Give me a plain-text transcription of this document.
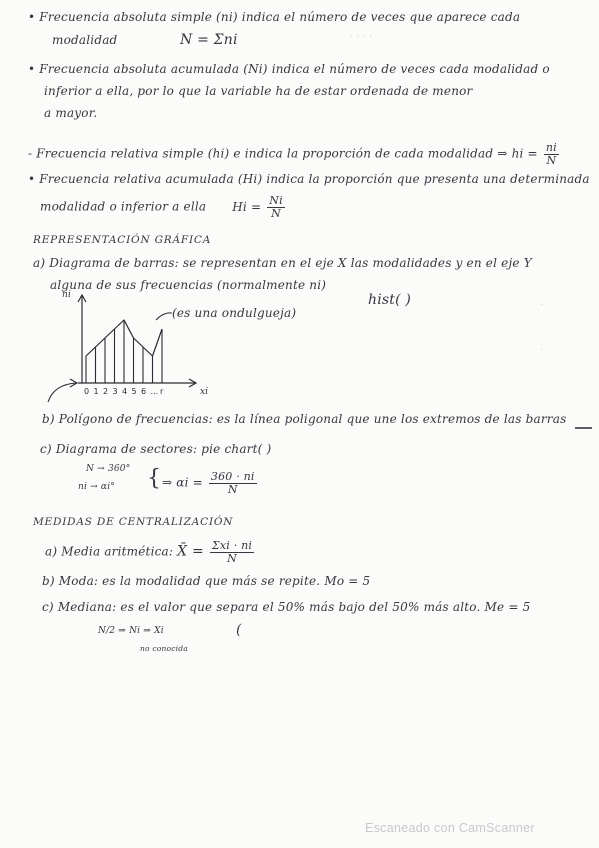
· · · ·
·
·
• Frecuencia absoluta simple (ni) indica el número de veces que aparece cada
modalidad	N = Σni
• Frecuencia absoluta acumulada (Ni) indica el número de veces cada modalidad o
inferior a ella, por lo que la variable ha de estar ordenada de menor
a mayor.
- Frecuencia relativa simple (hi) e indica la proporción de cada modalidad ⇒ hi = $\frac{ni}{N}$
• Frecuencia relativa acumulada (Hi) indica la proporción que presenta una determinada
modalidad o inferior a ella $Hi = \frac{Ni}{N}$
REPRESENTACIÓN GRÁFICA
a) Diagrama de barras: se representan en el eje X las modalidades y en el eje Y
alguna de sus frecuencias (normalmente ni)
ni
(es una ondulgueja)
hist( )
0 1 2 3 4 5 6 ... r	xi
b) Polígono de frecuencias: es la línea poligonal que une los extremos de las barras
c) Diagrama de sectores: pie chart( )
N → 360°
ni → αi° { ⇒ $\alpha i = \frac{360 \cdot ni}{N}$
MEDIDAS DE CENTRALIZACIÓN
a) Media aritmética: X̄ = $\frac{\text{Σxi · ni}}{N}$
b) Moda: es la modalidad que más se repite. Mo = 5
c) Mediana: es el valor que separa el 50% más bajo del 50% más alto. Me = 5
N/2 ⇒ Ni ⇒ Xi
no conocida
(
Escaneado con CamScanner
